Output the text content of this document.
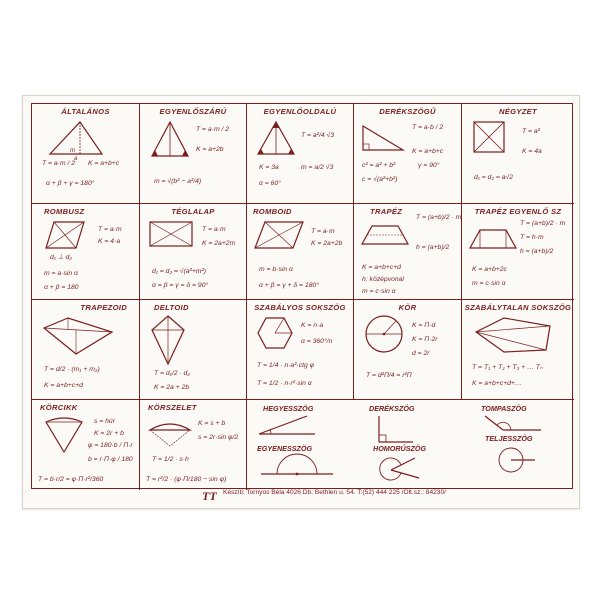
ÁLTALÁNOS
m
a
T = a·m / 2 K = a+b+c
α + β + γ = 180°
EGYENLŐSZÁRÚ
T = a·m / 2
K = a+2b
m = √(b² − a²/4)
EGYENLŐOLDALÚ
T = a²/4 √3
K = 3a	m = a/2 √3
α = 60°
DERÉKSZÖGŰ
T = a·b / 2
K = a+b+c
c² = a² + b²	γ = 90°
c = √(a²+b²)
NÉGYZET
T = a²
K = 4a
d₁ = d₂ = a√2
ROMBUSZ
T = a·m
K = 4·a
d₁ ⊥ d₂
m = a·sin α
α + β = 180
TÉGLALAP
T = a·m
K = 2a+2m
d₁ = d₂ = √(a²+m²)
α = β = γ = δ = 90°
ROMBOID
T = a·m
K = 2a+2b
m = b·sin α
α + β = γ + δ = 180°
TRAPÉZ
T = (a+b)/2 · m
h = (a+b)/2
K = a+b+c+d
h: középvonal
m = c·sin α
TRAPÉZ EGYENLŐ SZ
T = (a+b)/2 · m
T = h·m
h = (a+b)/2
K = a+b+2c
m = c·sin α
TRAPEZOID
T = d/2 · (m₁ + m₂)
K = a+b+c+d
DELTOID
T = d₁/2 · d₂
K = 2a + 2b
SZABÁLYOS SOKSZÖG
K = n·a
α = 360°/n
T = 1/4 · n·a²·ctg φ
T = 1/2 · n·r²·sin α
KÖR
K = Π·d
K = Π·2r
d = 2r
T = d²Π/4 = r²Π
SZABÁLYTALAN SOKSZÖG
T = T₁ + T₂ + T₃ + … Tₙ
K = a+b+c+d+…
KÖRCIKK
s = húr
K = 2r + b
φ = 180·b / Π·r
b = r·Π·φ / 180
T = b·r/2 = φ·Π·r²/360
KÖRSZELET
K = s + b
s = 2r·sin φ/2
T = 1/2 · s·h
T = r²/2 · (φ·Π/180 − sin φ)
HEGYESSZÖG	DERÉKSZÖG	TOMPASZÖG
EGYENESSZÖG	HOMORÚSZÖG
TELJESSZÖG
TT Készíti: Tornyos Béla 4026 Db. Bethlen u. 54. T:(52) 444 225 /Olt.sz.: 84230/
